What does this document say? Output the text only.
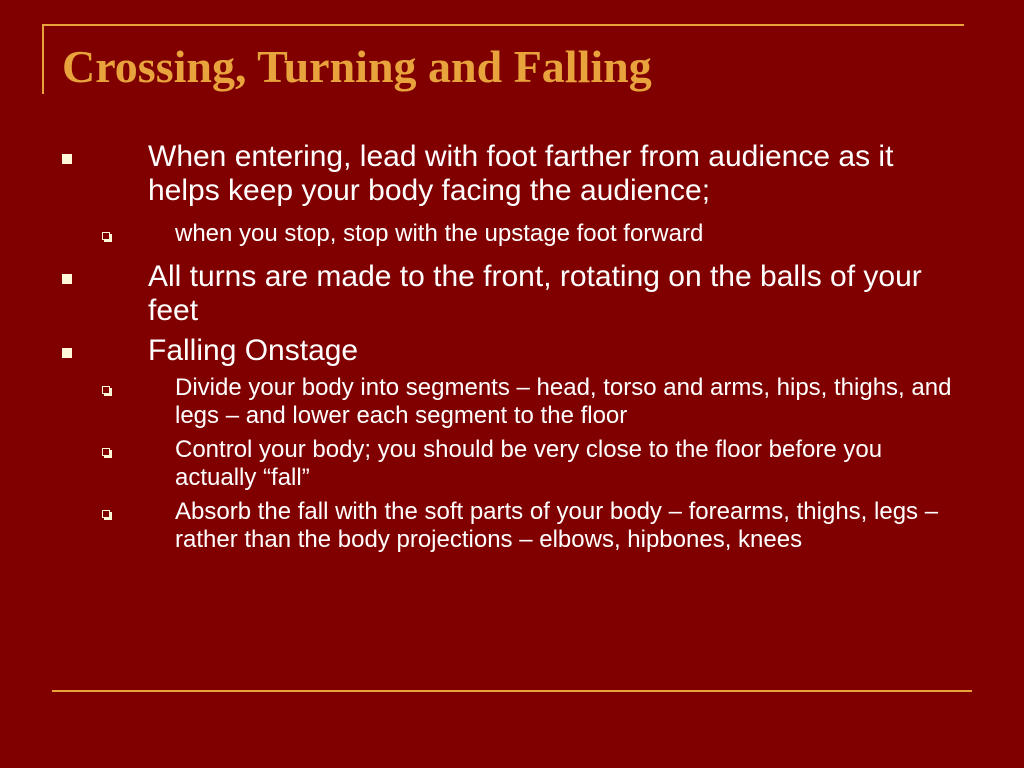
Crossing, Turning and Falling
When entering, lead with foot farther from audience as it helps keep your body facing the audience;
when you stop, stop with the upstage foot forward
All turns are made to the front, rotating on the balls of your feet
Falling Onstage
Divide your body into segments – head, torso and arms, hips, thighs, and legs – and lower each segment to the floor
Control your body; you should be very close to the floor before you actually “fall”
Absorb the fall with the soft parts of your body – forearms, thighs, legs – rather than the body projections – elbows, hipbones, knees
